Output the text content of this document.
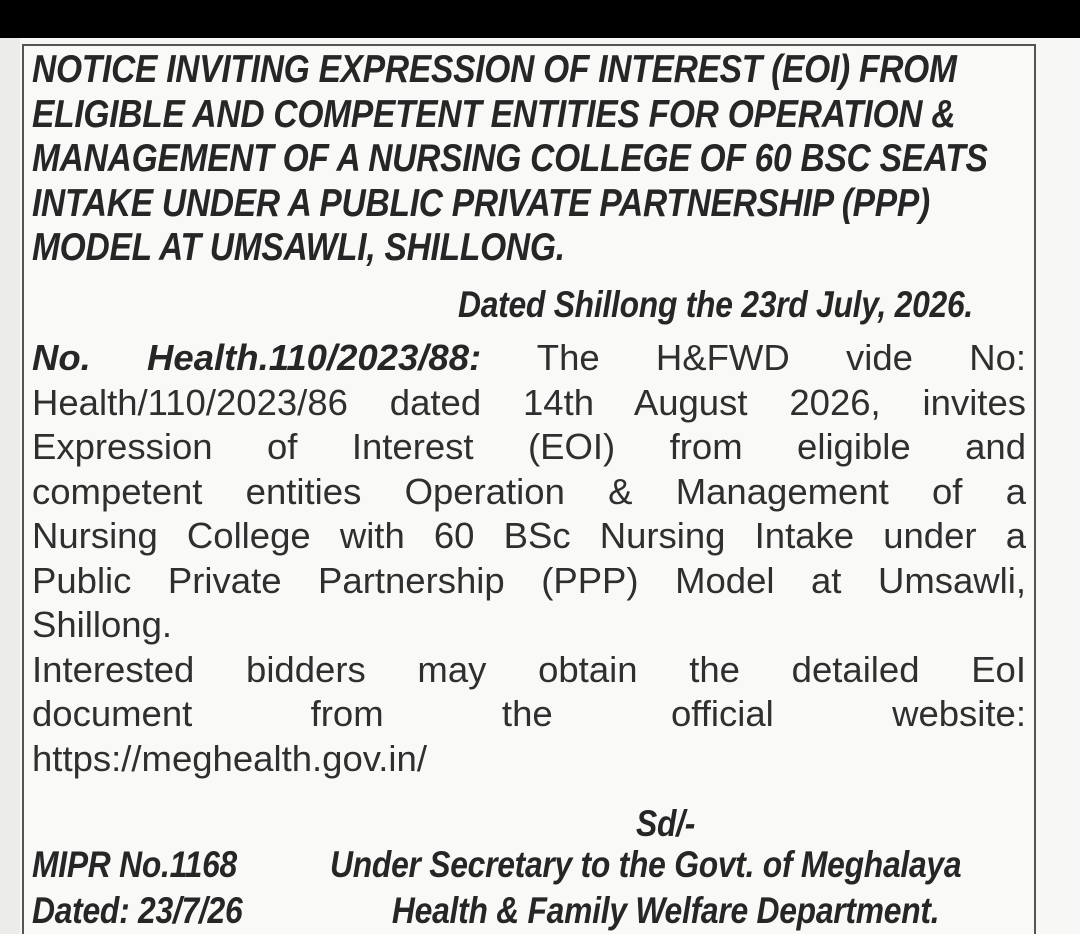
NOTICE INVITING EXPRESSION OF INTEREST (EOI) FROM
ELIGIBLE AND COMPETENT ENTITIES FOR OPERATION &
MANAGEMENT OF A NURSING COLLEGE OF 60 BSC SEATS
INTAKE UNDER A PUBLIC PRIVATE PARTNERSHIP (PPP)
MODEL AT UMSAWLI, SHILLONG.
Dated Shillong the 23rd July, 2026.
No. Health.110/2023/88: The H&FWD vide No:
Health/110/2023/86 dated 14th August 2026, invites
Expression of Interest (EOI) from eligible and
competent entities Operation & Management of a
Nursing College with 60 BSc Nursing Intake under a
Public Private Partnership (PPP) Model at Umsawli,
Shillong.
Interested bidders may obtain the detailed EoI
document from the official website:
https://meghealth.gov.in/
Sd/-
MIPR No.1168
Dated: 23/7/26
Under Secretary to the Govt. of Meghalaya
Health & Family Welfare Department.
